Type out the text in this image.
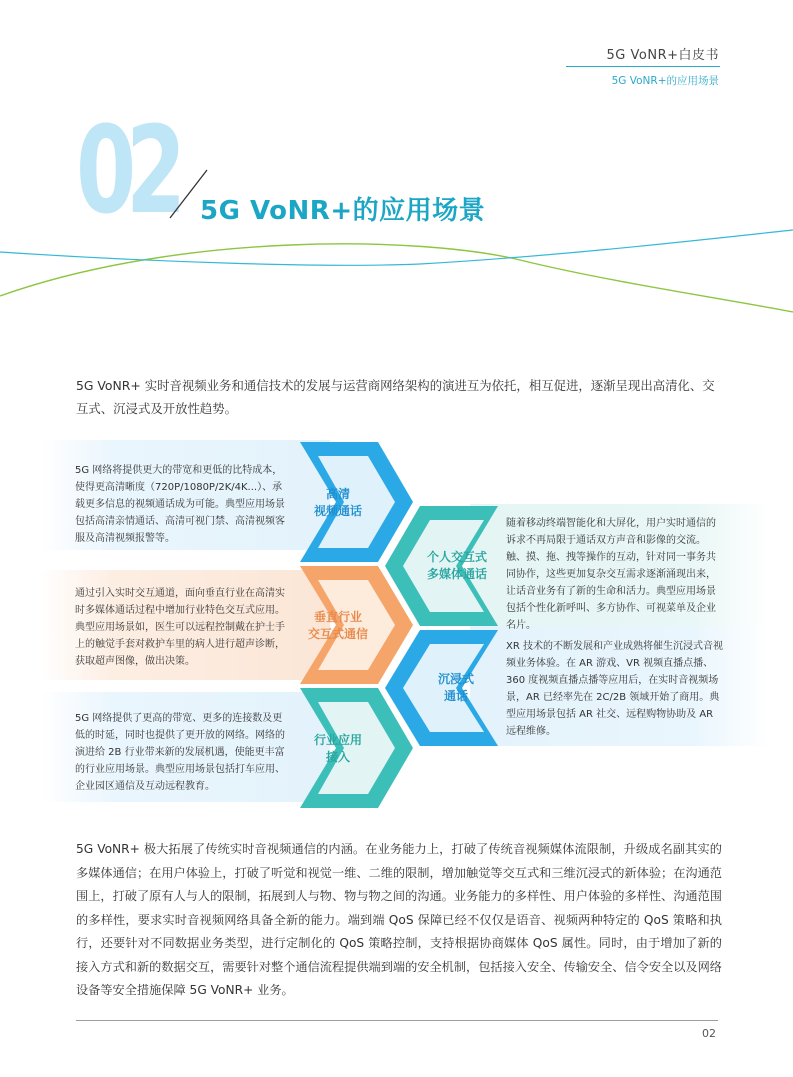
5G VoNR+白皮书
5G VoNR+的应用场景
02 5G VoNR+的应用场景
5G VoNR+ 实时音视频业务和通信技术的发展与运营商网络架构的演进互为依托，相互促进，逐渐呈现出高清化、交互式、沉浸式及开放性趋势。
高清
视频通话
个人交互式
多媒体通话
垂直行业
交互式通信
沉浸式
通话
行业应用
接入
5G 网络将提供更大的带宽和更低的比特成本，使得更高清晰度（720P/1080P/2K/4K...）、承载更多信息的视频通话成为可能。典型应用场景包括高清亲情通话、高清可视门禁、高清视频客服及高清视频报警等。
随着移动终端智能化和大屏化，用户实时通信的诉求不再局限于通话双方声音和影像的交流。触、摸、拖、拽等操作的互动，针对同一事务共同协作，这些更加复杂交互需求逐渐涌现出来，让话音业务有了新的生命和活力。典型应用场景包括个性化新呼叫、多方协作、可视菜单及企业名片。
通过引入实时交互通道，面向垂直行业在高清实时多媒体通话过程中增加行业特色交互式应用。典型应用场景如，医生可以远程控制戴在护士手上的触觉手套对救护车里的病人进行超声诊断，获取超声图像，做出决策。
XR 技术的不断发展和产业成熟将催生沉浸式音视频业务体验。在 AR 游戏、VR 视频直播点播、360 度视频直播点播等应用后，在实时音视频场景，AR 已经率先在 2C/2B 领域开始了商用。典型应用场景包括 AR 社交、远程购物协助及 AR 远程维修。
5G 网络提供了更高的带宽、更多的连接数及更低的时延，同时也提供了更开放的网络。网络的演进给 2B 行业带来新的发展机遇，使能更丰富的行业应用场景。典型应用场景包括打车应用、企业园区通信及互动远程教育。
5G VoNR+ 极大拓展了传统实时音视频通信的内涵。在业务能力上，打破了传统音视频媒体流限制，升级成名副其实的多媒体通信；在用户体验上，打破了听觉和视觉一维、二维的限制，增加触觉等交互式和三维沉浸式的新体验；在沟通范围上，打破了原有人与人的限制，拓展到人与物、物与物之间的沟通。业务能力的多样性、用户体验的多样性、沟通范围的多样性，要求实时音视频网络具备全新的能力。端到端 QoS 保障已经不仅仅是语音、视频两种特定的 QoS 策略和执行，还要针对不同数据业务类型，进行定制化的 QoS 策略控制，支持根据协商媒体 QoS 属性。同时，由于增加了新的接入方式和新的数据交互，需要针对整个通信流程提供端到端的安全机制，包括接入安全、传输安全、信令安全以及网络设备等安全措施保障 5G VoNR+ 业务。
02
